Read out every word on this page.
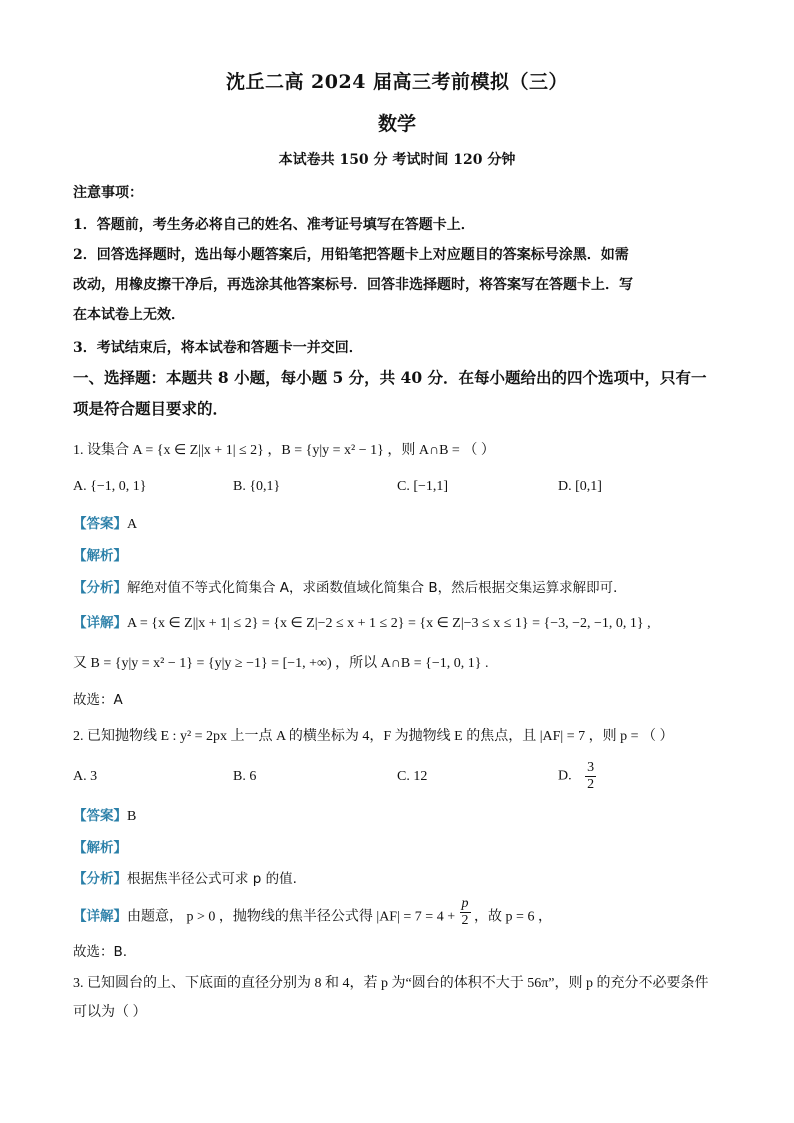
沈丘二高 2024 届高三考前模拟（三）
数学
本试卷共 150 分 考试时间 120 分钟
注意事项：
1．答题前，考生务必将自己的姓名、准考证号填写在答题卡上．
2．回答选择题时，选出每小题答案后，用铅笔把答题卡上对应题目的答案标号涂黑．如需
改动，用橡皮擦干净后，再选涂其他答案标号．回答非选择题时，将答案写在答题卡上．写
在本试卷上无效．
3．考试结束后，将本试卷和答题卡一并交回．
一、选择题：本题共 8 小题，每小题 5 分，共 40 分．在每小题给出的四个选项中，只有一
项是符合题目要求的．
1. 设集合 A = {x ∈ Z||x + 1| ≤ 2} ，B = {y|y = x² − 1} ，则 A∩B = （ ）
A. {−1, 0, 1}	B. {0,1}	C. [−1,1]	D. [0,1]
【答案】A
【解析】
【分析】解绝对值不等式化简集合 A，求函数值域化简集合 B，然后根据交集运算求解即可．
【详解】A = {x ∈ Z||x + 1| ≤ 2} = {x ∈ Z|−2 ≤ x + 1 ≤ 2} = {x ∈ Z|−3 ≤ x ≤ 1} = {−3, −2, −1, 0, 1} ,
又 B = {y|y = x² − 1} = {y|y ≥ −1} = [−1, +∞) ，所以 A∩B = {−1, 0, 1} .
故选：A
2. 已知抛物线 E : y² = 2px 上一点 A 的横坐标为 4，F 为抛物线 E 的焦点，且 |AF| = 7 ，则 p = （ ）
A. 3	B. 6	C. 12	D. $\frac{3}{2}$
【答案】B
【解析】
【分析】根据焦半径公式可求 p 的值.
【详解】由题意， p > 0 ，抛物线的焦半径公式得 $|AF| = 7 = 4 + \frac{p}{2}$ ，故 p = 6 ，
故选：B.
3. 已知圆台的上、下底面的直径分别为 8 和 4，若 p 为“圆台的体积不大于 56π”，则 p 的充分不必要条件
可以为（ ）
